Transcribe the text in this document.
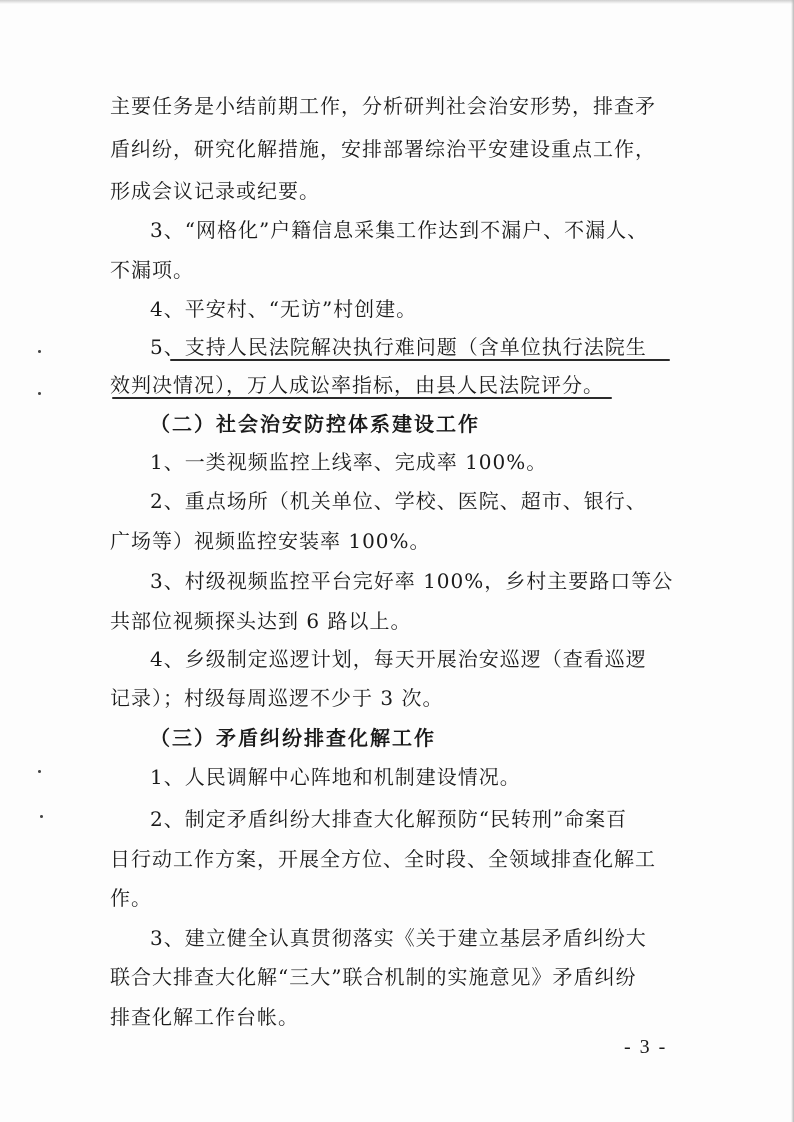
主要任务是小结前期工作，分析研判社会治安形势，排查矛
盾纠纷，研究化解措施，安排部署综治平安建设重点工作，
形成会议记录或纪要。
3、“网格化”户籍信息采集工作达到不漏户、不漏人、
不漏项。
4、平安村、“无访”村创建。
5、支持人民法院解决执行难问题（含单位执行法院生
效判决情况），万人成讼率指标，由县人民法院评分。
（二）社会治安防控体系建设工作
1、一类视频监控上线率、完成率 100%。
2、重点场所（机关单位、学校、医院、超市、银行、
广场等）视频监控安装率 100%。
3、村级视频监控平台完好率 100%，乡村主要路口等公
共部位视频探头达到 6 路以上。
4、乡级制定巡逻计划，每天开展治安巡逻（查看巡逻
记录）；村级每周巡逻不少于 3 次。
（三）矛盾纠纷排查化解工作
1、人民调解中心阵地和机制建设情况。
2、制定矛盾纠纷大排查大化解预防“民转刑”命案百
日行动工作方案，开展全方位、全时段、全领域排查化解工
作。
3、建立健全认真贯彻落实《关于建立基层矛盾纠纷大
联合大排查大化解“三大”联合机制的实施意见》矛盾纠纷
排查化解工作台帐。
- 3 -
